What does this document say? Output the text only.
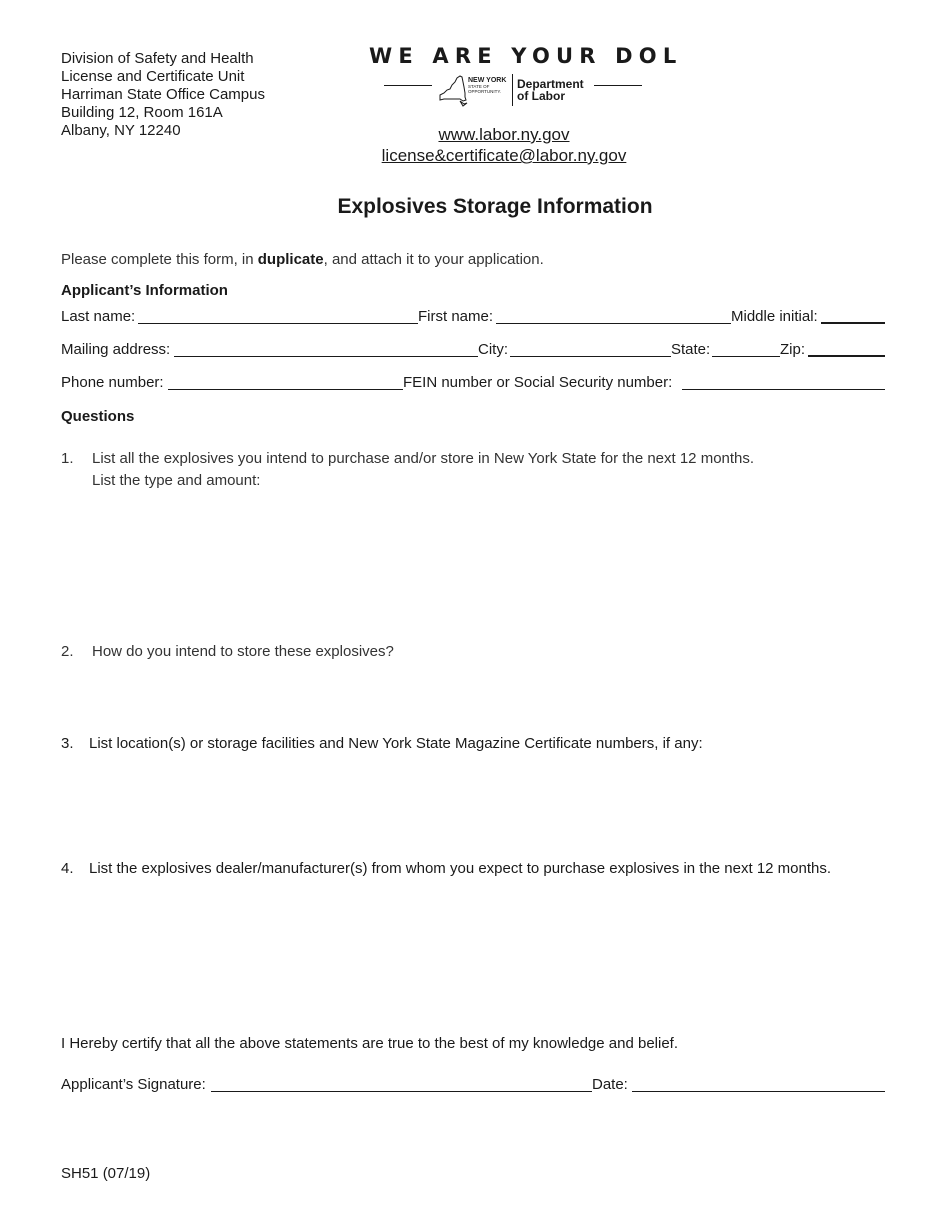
Division of Safety and Health
License and Certificate Unit
Harriman State Office Campus
Building 12, Room 161A
Albany, NY 12240
WE ARE YOUR DOL
NEW YORK
STATE OF
OPPORTUNITY.
Department
of Labor
www.labor.ny.gov
license&certificate@labor.ny.gov
Explosives Storage Information
Please complete this form, in duplicate, and attach it to your application.
Applicant’s Information
Last name:	First name:	Middle initial:
Mailing address:	City:	State:	Zip:
Phone number:	FEIN number or Social Security number:
Questions
1. List all the explosives you intend to purchase and/or store in New York State for the next 12 months.
List the type and amount:
2. How do you intend to store these explosives?
3. List location(s) or storage facilities and New York State Magazine Certificate numbers, if any:
4. List the explosives dealer/manufacturer(s) from whom you expect to purchase explosives in the next 12 months.
I Hereby certify that all the above statements are true to the best of my knowledge and belief.
Applicant’s Signature:	Date:
SH51 (07/19)
